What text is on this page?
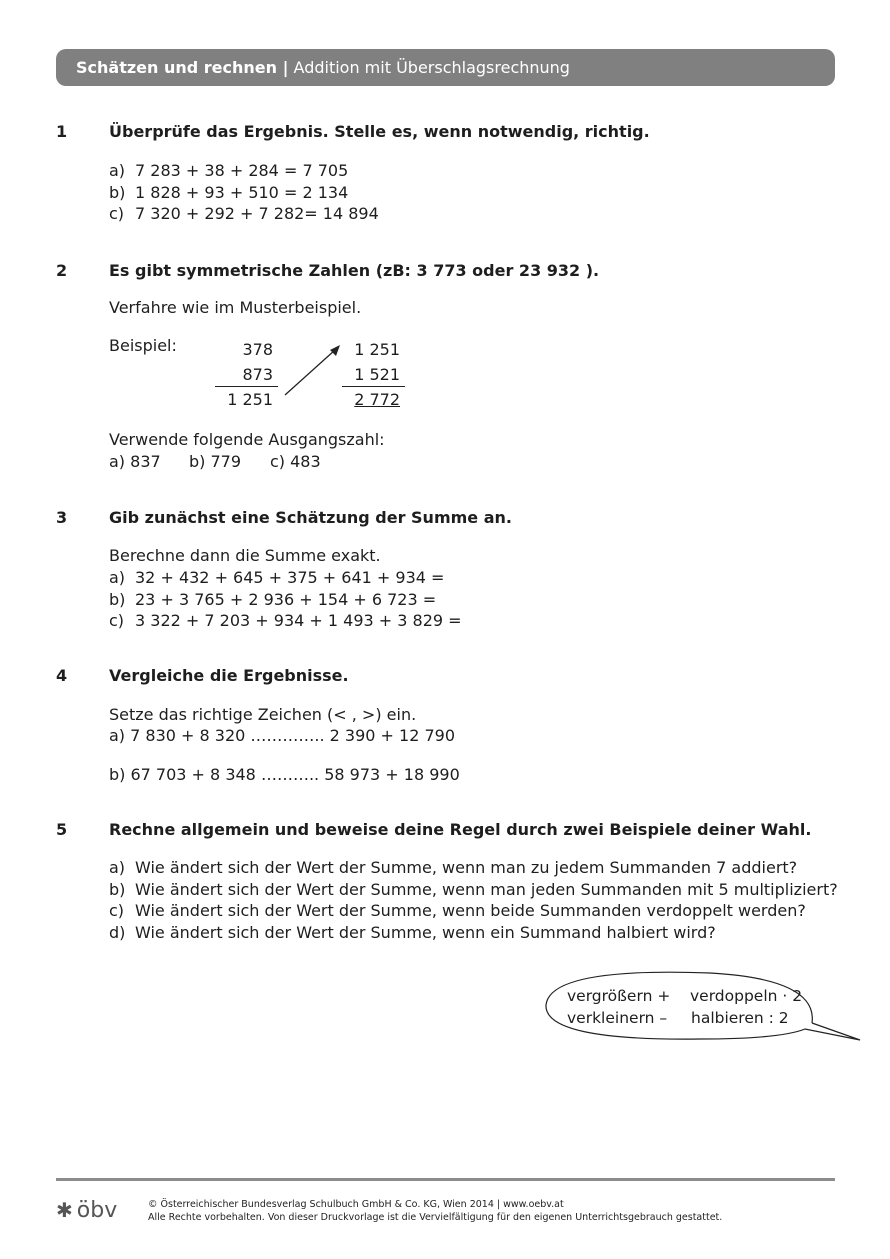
Schätzen und rechnen | Addition mit Überschlagsrechnung
1	Überprüfe das Ergebnis. Stelle es, wenn notwendig, richtig.
a) 7 283 + 38 + 284 = 7 705
b) 1 828 + 93 + 510 = 2 134
c) 7 320 + 292 + 7 282= 14 894
2	Es gibt symmetrische Zahlen (zB: 3 773 oder 23 932 ).
Verfahre wie im Musterbeispiel.
Beispiel:	378
873
1 251
1 251
1 521
2 772
Verwende folgende Ausgangszahl:
a) 837 b) 779 c) 483
3	Gib zunächst eine Schätzung der Summe an.
Berechne dann die Summe exakt.
a) 32 + 432 + 645 + 375 + 641 + 934 =
b) 23 + 3 765 + 2 936 + 154 + 6 723 =
c) 3 322 + 7 203 + 934 + 1 493 + 3 829 =
4	Vergleiche die Ergebnisse.
Setze das richtige Zeichen (< , >) ein.
a) 7 830 + 8 320 ………….. 2 390 + 12 790
b) 67 703 + 8 348 ……….. 58 973 + 18 990
5	Rechne allgemein und beweise deine Regel durch zwei Beispiele deiner Wahl.
a) Wie ändert sich der Wert der Summe, wenn man zu jedem Summanden 7 addiert?
b) Wie ändert sich der Wert der Summe, wenn man jeden Summanden mit 5 multipliziert?
c) Wie ändert sich der Wert der Summe, wenn beide Summanden verdoppelt werden?
d) Wie ändert sich der Wert der Summe, wenn ein Summand halbiert wird?
vergrößern + verdoppeln · 2
verkleinern – halbieren : 2
✱ öbv	© Österreichischer Bundesverlag Schulbuch GmbH & Co. KG, Wien 2014 | www.oebv.at
Alle Rechte vorbehalten. Von dieser Druckvorlage ist die Vervielfältigung für den eigenen Unterrichtsgebrauch gestattet.
